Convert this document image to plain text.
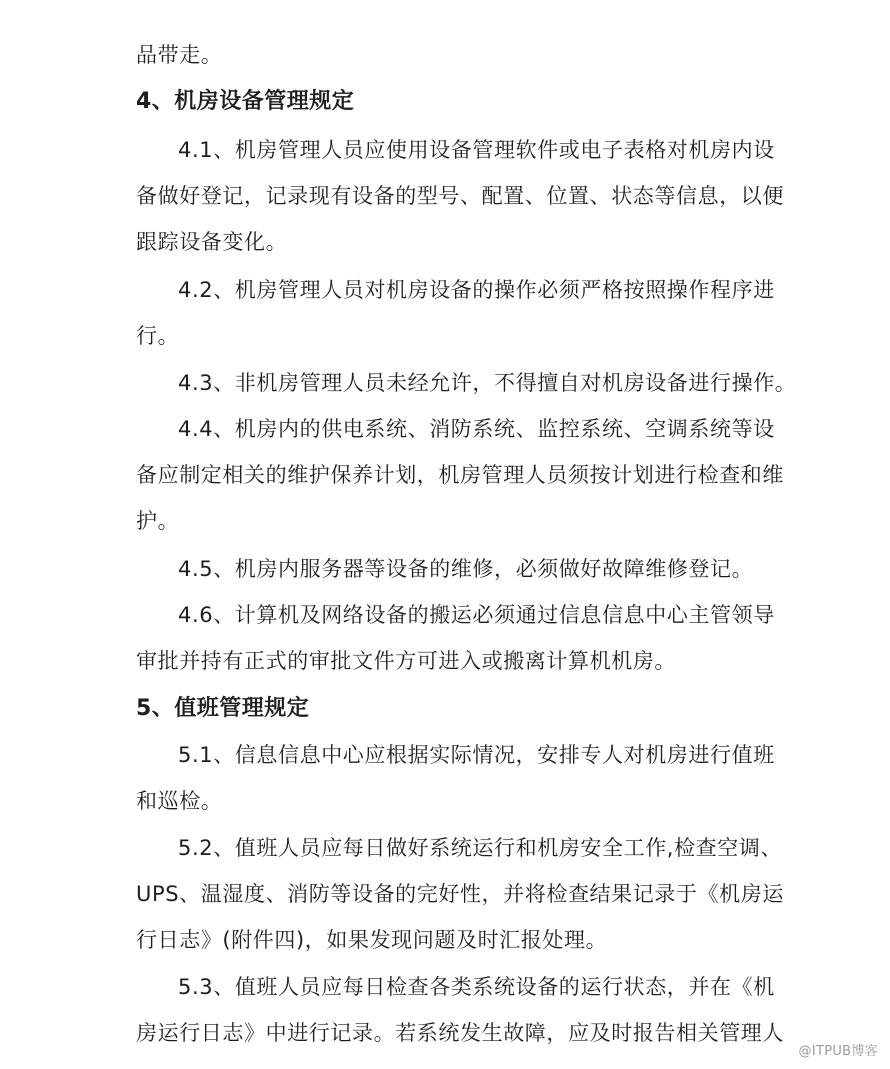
品带走。
4、机房设备管理规定
4.1、机房管理人员应使用设备管理软件或电子表格对机房内设
备做好登记，记录现有设备的型号、配置、位置、状态等信息，以便
跟踪设备变化。
4.2、机房管理人员对机房设备的操作必须严格按照操作程序进
行。
4.3、非机房管理人员未经允许，不得擅自对机房设备进行操作。
4.4、机房内的供电系统、消防系统、监控系统、空调系统等设
备应制定相关的维护保养计划，机房管理人员须按计划进行检查和维
护。
4.5、机房内服务器等设备的维修，必须做好故障维修登记。
4.6、计算机及网络设备的搬运必须通过信息信息中心主管领导
审批并持有正式的审批文件方可进入或搬离计算机机房。
5、值班管理规定
5.1、信息信息中心应根据实际情况，安排专人对机房进行值班
和巡检。
5.2、值班人员应每日做好系统运行和机房安全工作,检查空调、
UPS、温湿度、消防等设备的完好性，并将检查结果记录于《机房运
行日志》(附件四)，如果发现问题及时汇报处理。
5.3、值班人员应每日检查各类系统设备的运行状态，并在《机
房运行日志》中进行记录。若系统发生故障，应及时报告相关管理人
@ITPUB博客
